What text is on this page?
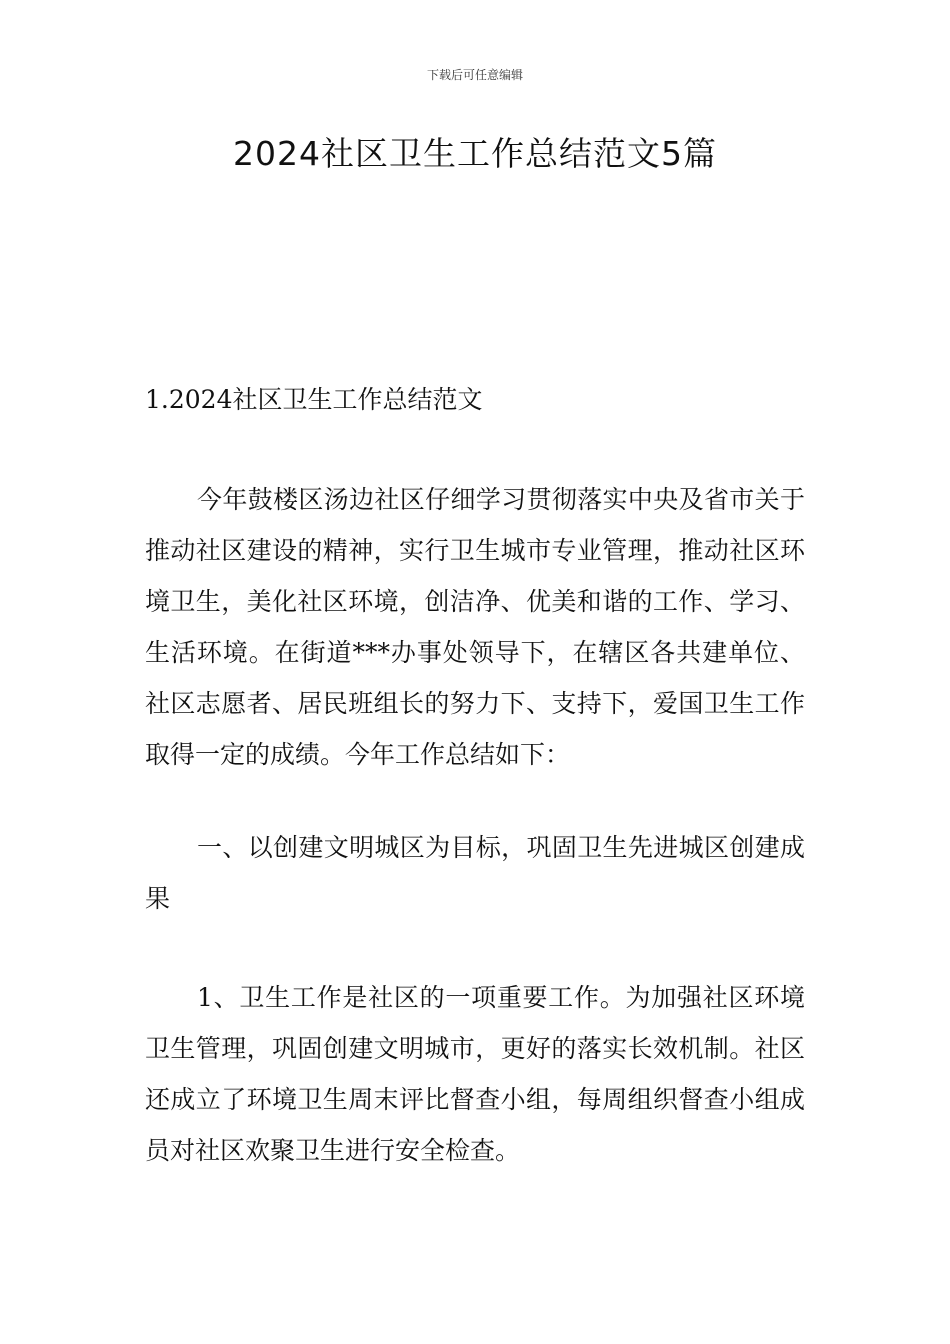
下载后可任意编辑
2024社区卫生工作总结范文5篇
1.2024社区卫生工作总结范文

今年鼓楼区汤边社区仔细学习贯彻落实中央及省市关于推动社区建设的精神，实行卫生城市专业管理，推动社区环境卫生，美化社区环境，创洁净、优美和谐的工作、学习、生活环境。在街道***办事处领导下，在辖区各共建单位、社区志愿者、居民班组长的努力下、支持下，爱国卫生工作取得一定的成绩。今年工作总结如下：

一、以创建文明城区为目标，巩固卫生先进城区创建成果

1、卫生工作是社区的一项重要工作。为加强社区环境卫生管理，巩固创建文明城市，更好的落实长效机制。社区还成立了环境卫生周末评比督查小组，每周组织督查小组成员对社区欢聚卫生进行安全检查。
